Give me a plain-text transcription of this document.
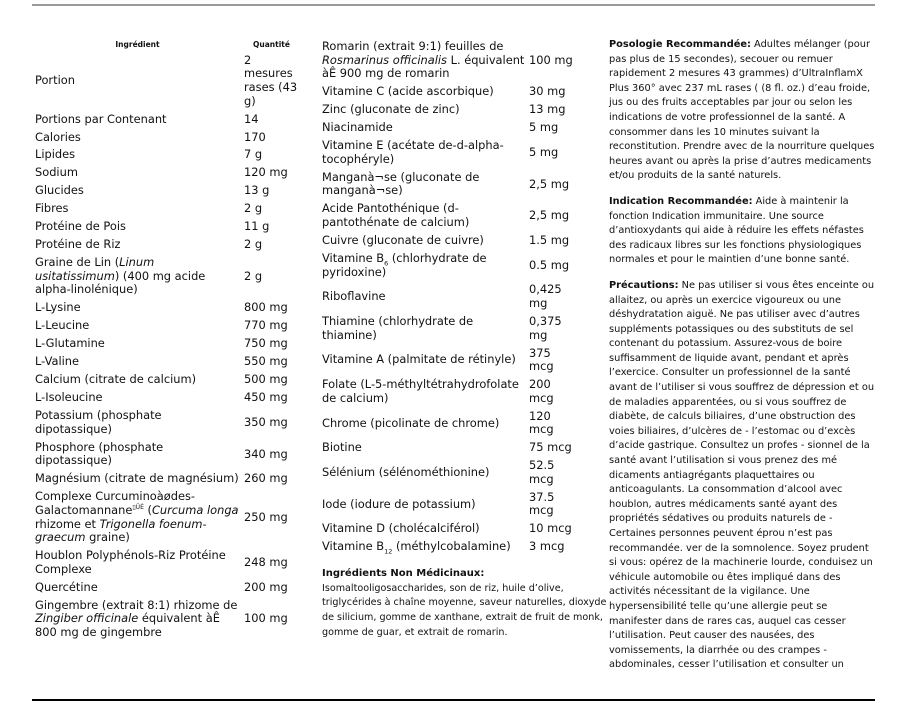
Ingrédient	Quantité
Portion	2 mesures rases (43 g)
Portions par Contenant	14
Calories	170
Lipides	7 g
Sodium	120 mg
Glucides	13 g
Fibres	2 g
Protéine de Pois	11 g
Protéine de Riz	2 g
Graine de Lin (Linum usitatissimum) (400 mg acide alpha-linolénique)	2 g
L-Lysine	800 mg
L-Leucine	770 mg
L-Glutamine	750 mg
L-Valine	550 mg
Calcium (citrate de calcium)	500 mg
L-Isoleucine	450 mg
Potassium (phosphate dipotassique)	350 mg
Phosphore (phosphate dipotassique)	340 mg
Magnésium (citrate de magnésium)	260 mg
Complexe Curcuminoàødes-Galactomannane$^{▯ÜÉ}$ (Curcuma longa rhizome et Trigonella foenum-graecum graine)	250 mg
Houblon Polyphénols-Riz Protéine Complexe	248 mg
Quercétine	200 mg
Gingembre (extrait 8:1) rhizome de Zingiber officinale équivalent àÊ 800 mg de gingembre	100 mg
Romarin (extrait 9:1) feuilles de Rosmarinus officinalis L. équivalent àÊ 900 mg de romarin	100 mg
Vitamine C (acide ascorbique)	30 mg
Zinc (gluconate de zinc)	13 mg
Niacinamide	5 mg
Vitamine E (acétate de-d-alpha-tocophéryle)	5 mg
Manganà¬se (gluconate de manganà¬se)	2,5 mg
Acide Pantothénique (d-pantothénate de calcium)	2,5 mg
Cuivre (gluconate de cuivre)	1.5 mg
Vitamine $B_6$ (chlorhydrate de pyridoxine)	0.5 mg
Riboflavine	0,425 mg
Thiamine (chlorhydrate de thiamine)	0,375 mg
Vitamine A (palmitate de rétinyle)	375 mcg
Folate (L-5-méthyltétrahydrofolate de calcium)	200 mcg
Chrome (picolinate de chrome)	120 mcg
Biotine	75 mcg
Sélénium (sélénométhionine)	52.5 mcg
Iode (iodure de potassium)	37.5 mcg
Vitamine D (cholécalciférol)	10 mcg
Vitamine $B_{12}$ (méthylcobalamine)	3 mcg
Ingrédients Non Médicinaux:
Isomaltooligosaccharides, son de riz, huile d’olive, triglycérides à chaîne moyenne, saveur naturelles, dioxyde de silicium, gomme de xanthane, extrait de fruit de monk, gomme de guar, et extrait de romarin.

Posologie Recommandée: Adultes mélanger (pour pas plus de 15 secondes), secouer ou remuer rapidement 2 mesures 43 grammes) d’UltraInflamX Plus 360° avec 237 mL rases ( (8 fl. oz.) d’eau froide, jus ou des fruits acceptables par jour ou selon les indications de votre professionnel de la santé. A consommer dans les 10 minutes suivant la reconstitution. Prendre avec de la nourriture quelques heures avant ou après la prise d’autres medicaments et/ou produits de la santé naturels.

Indication Recommandée: Aide à maintenir la fonction Indication immunitaire. Une source d’antioxydants qui aide à réduire les effets néfastes des radicaux libres sur les fonctions physiologiques normales et pour le maintien d’une bonne santé.

Précautions: Ne pas utiliser si vous êtes enceinte ou allaitez, ou après un exercice vigoureux ou une déshydratation aiguë. Ne pas utiliser avec d’autres suppléments potassiques ou des substituts de sel contenant du potassium. Assurez-vous de boire suffisamment de liquide avant, pendant et après l’exercice. Consulter un professionnel de la santé avant de l’utiliser si vous souffrez de dépression et ou de maladies apparentées, ou si vous souffrez de diabète, de calculs biliaires, d’une obstruction des voies biliaires, d’ulcères de - l’estomac ou d’excès d’acide gastrique. Consultez un profes - sionnel de la santé avant l’utilisation si vous prenez des mé dicaments antiagrégants plaquettaires ou anticoagulants. La consommation d’alcool avec houblon, autres médicaments santé ayant des propriétés sédatives ou produits naturels de - Certaines personnes peuvent éprou n’est pas recommandée. ver de la somnolence. Soyez prudent si vous: opérez de la machinerie lourde, conduisez un véhicule automobile ou êtes impliqué dans des activités nécessitant de la vigilance. Une hypersensibilité telle qu’une allergie peut se manifester dans de rares cas, auquel cas cesser l’utilisation. Peut causer des nausées, des vomissements, la diarrhée ou des crampes - abdominales, cesser l’utilisation et consulter un
